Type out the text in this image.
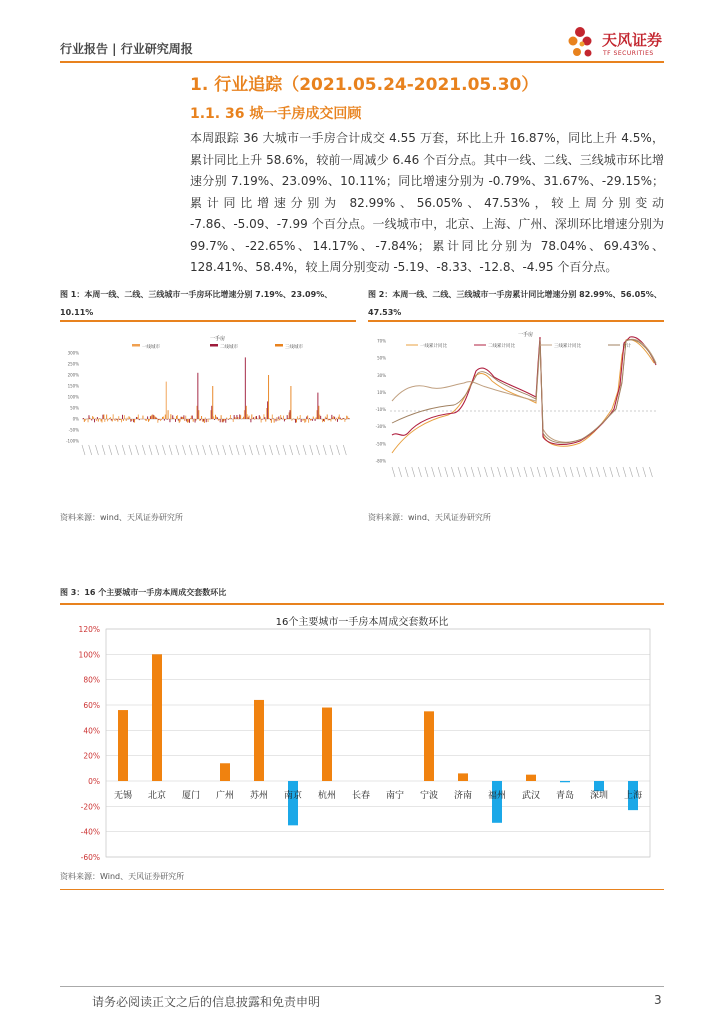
行业报告 | 行业研究周报	天风证券
TF SECURITIES
1. 行业追踪（2021.05.24-2021.05.30）
1.1. 36 城一手房成交回顾
本周跟踪 36 大城市一手房合计成交 4.55 万套，环比上升 16.87%，同比上升 4.5%，累计同比上升 58.6%，较前一周减少 6.46 个百分点。其中一线、二线、三线城市环比增速分别 7.19%、23.09%、10.11%；同比增速分别为 -0.79%、31.67%、-29.15%；累计同比增速分别为 82.99%、56.05%、47.53%，较上周分别变动 -7.86、-5.09、-7.99 个百分点。一线城市中，北京、上海、广州、深圳环比增速分别为 99.7%、-22.65%、14.17%、-7.84%；累计同比分别为 78.04%、69.43%、128.41%、58.4%，较上周分别变动 -5.19、-8.33、-12.8、-4.95 个百分点。
图 1：本周一线、二线、三线城市一手房环比增速分别 7.19%、23.09%、10.11%
300%
250%
200%
150%
100%
50%
0%
-50%
-100%
一手房
一线城市	二线城市	三线城市
资料来源：wind、天风证券研究所
图 2：本周一线、二线、三线城市一手房累计同比增速分别 82.99%、56.05%、47.53%
70%
50%
30%
10%
-10%
-30%
-50%
-80%
一手房
一线累计同比	二线累计同比	三线累计同比	合计
资料来源：wind、天风证券研究所
图 3：16 个主要城市一手房本周成交套数环比
16个主要城市一手房本周成交套数环比
120%
100%
80%
60%
40%
20%
0%
-20%
-40%
-60%
无锡 北京 厦门 广州 苏州 南京 杭州 长春 南宁 宁波 济南 福州 武汉 青岛 深圳 上海
资料来源：Wind、天风证券研究所
请务必阅读正文之后的信息披露和免责申明	3
